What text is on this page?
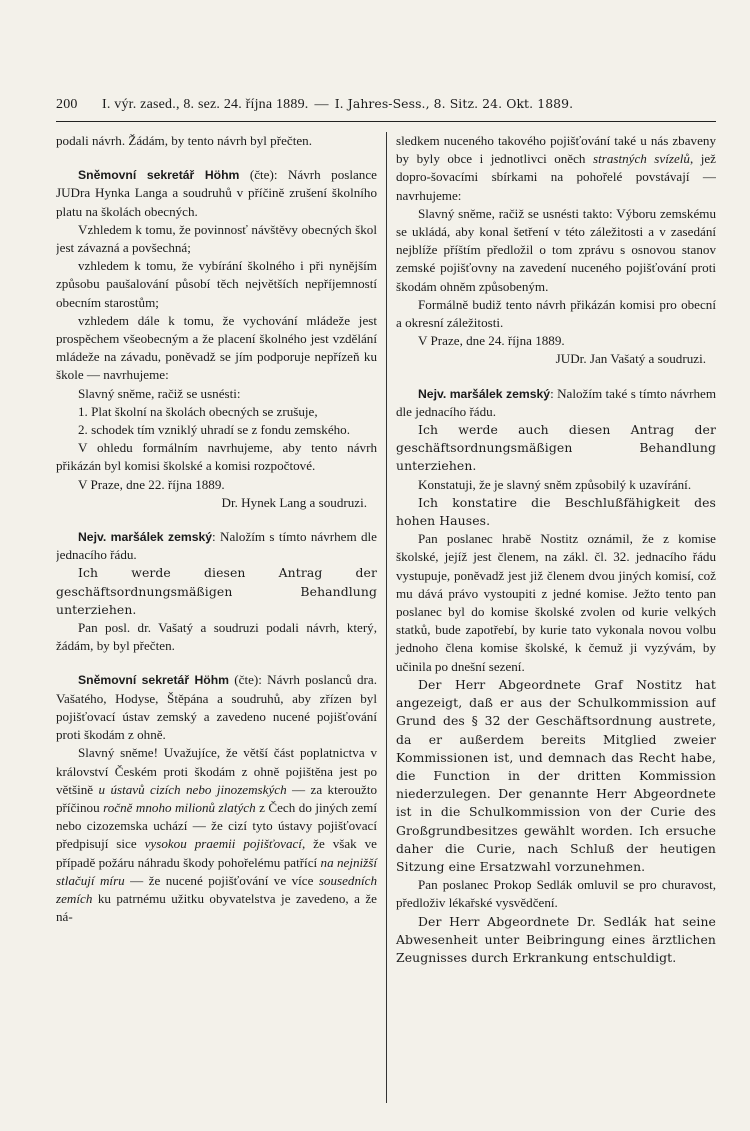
200	I. výr. zased., 8. sez. 24. října 1889. — I. Jahres-Sess., 8. Sitz. 24. Okt. 1889.

podali návrh. Žádám, by tento návrh byl přečten.

Sněmovní sekretář Höhm (čte): Návrh poslance JUDra Hynka Langa a soudruhů v příčině zrušení školního platu na školách obecných.

Vzhledem k tomu, že povinnosť návštěvy obecných škol jest závazná a povšechná;

vzhledem k tomu, že vybírání školného i při nynějším způsobu paušalování působí těch největších nepříjemností obecním starostům;

vzhledem dále k tomu, že vychování mládeže jest prospěchem všeobecným a že placení školného jest vzdělání mládeže na závadu, poněvadž se jím podporuje nepřízeň ku škole — navrhujeme:

Slavný sněme, račiž se usnésti:

1. Plat školní na školách obecných se zrušuje,

2. schodek tím vzniklý uhradí se z fondu zemského.

V ohledu formálním navrhujeme, aby tento návrh přikázán byl komisi školské a komisi rozpočtové.

V Praze, dne 22. října 1889.

Dr. Hynek Lang a soudruzi.

Nejv. maršálek zemský: Naložím s tímto návrhem dle jednacího řádu.

Ich werde diesen Antrag der geschäftsordnungsmäßigen Behandlung unterziehen.

Pan posl. dr. Vašatý a soudruzi podali návrh, který, žádám, by byl přečten.

Sněmovní sekretář Höhm (čte): Návrh poslanců dra. Vašatého, Hodyse, Štěpána a soudruhů, aby zřízen byl pojišťovací ústav zemský a zavedeno nucené pojišťování proti škodám z ohně.

Slavný sněme! Uvažujíce, že větší část poplatnictva v království Českém proti škodám z ohně pojištěna jest po většině u ústavů cizích nebo jinozemských — za kteroužto příčinou ročně mnoho milionů zlatých z Čech do jiných zemí nebo cizozemska uchází — že cizí tyto ústavy pojišťovací předpisují sice vysokou praemii pojišťovací, že však ve případě požáru náhradu škody pohořelému patřící na nejnižší stlačují míru — že nucené pojišťování ve více sousedních zemích ku patrnému užitku obyvatelstva je zavedeno, a že ná-

sledkem nuceného takového pojišťování také u nás zbaveny by byly obce i jednotlivci oněch strastných svízelů, jež dopro-šovacími sbírkami na pohořelé povstávají — navrhujeme:

Slavný sněme, račiž se usnésti takto: Výboru zemskému se ukládá, aby konal šetření v této záležitosti a v zasedání nejblíže příštím předložil o tom zprávu s osnovou stanov zemské pojišťovny na zavedení nuceného pojišťování proti škodám ohněm způsobeným.

Formálně budiž tento návrh přikázán komisi pro obecní a okresní záležitosti.

V Praze, dne 24. října 1889.

JUDr. Jan Vašatý a soudruzi.

Nejv. maršálek zemský: Naložím také s tímto návrhem dle jednacího řádu.

Ich werde auch diesen Antrag der geschäftsordnungsmäßigen Behandlung unterziehen.

Konstatuji, že je slavný sněm způsobilý k uzavírání.

Ich konstatire die Beschlußfähigkeit des hohen Hauses.

Pan poslanec hrabě Nostitz oznámil, že z komise školské, jejíž jest členem, na zákl. čl. 32. jednacího řádu vystupuje, poněvadž jest již členem dvou jiných komisí, což mu dává právo vystoupiti z jedné komise. Ježto tento pan poslanec byl do komise školské zvolen od kurie velkých statků, bude zapotřebí, by kurie tato vykonala novou volbu jednoho člena komise školské, k čemuž ji vyzývám, by učinila po dnešní sezení.

Der Herr Abgeordnete Graf Nostitz hat angezeigt, daß er aus der Schulkommission auf Grund des § 32 der Geschäftsordnung austrete, da er außerdem bereits Mitglied zweier Kommissionen ist, und demnach das Recht habe, die Function in der dritten Kommission niederzulegen. Der genannte Herr Abgeordnete ist in die Schulkommission von der Curie des Großgrundbesitzes gewählt worden. Ich ersuche daher die Curie, nach Schluß der heutigen Sitzung eine Ersatzwahl vorzunehmen.

Pan poslanec Prokop Sedlák omluvil se pro churavost, předloživ lékařské vysvědčení.

Der Herr Abgeordnete Dr. Sedlák hat seine Abwesenheit unter Beibringung eines ärztlichen Zeugnisses durch Erkrankung entschuldigt.
